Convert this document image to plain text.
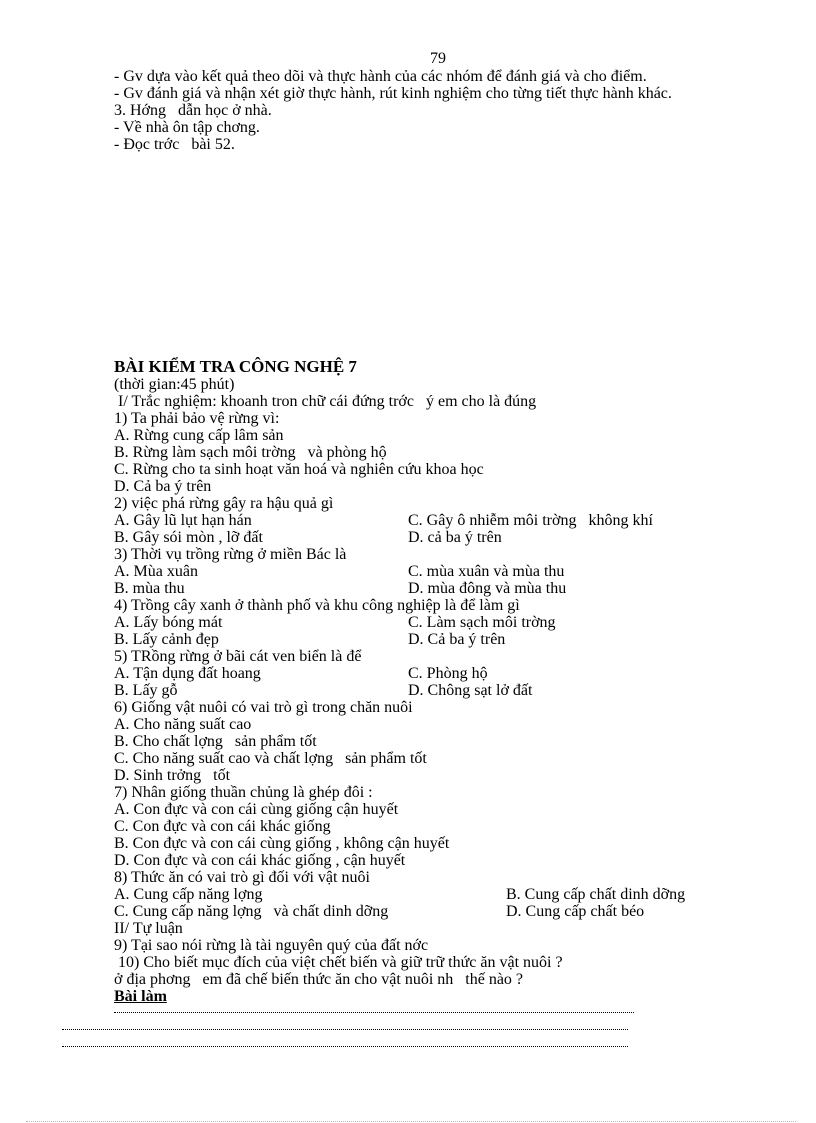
79
- Gv dựa vào kết quả theo dõi và thực hành của các nhóm để đánh giá và cho điểm.
- Gv đánh giá và nhận xét giờ thực hành, rút kinh nghiệm cho từng tiết thực hành khác.
3. Hớng   dẫn học ở nhà.
- Về nhà ôn tập chơng.
- Đọc trớc   bài 52.
BÀI KIỂM TRA CÔNG NGHỆ 7
(thời gian:45 phút)
I/ Trắc nghiệm: khoanh tron chữ cái đứng trớc   ý em cho là đúng
1) Ta phải bảo vệ rừng vì:
A. Rừng cung cấp lâm sản
B. Rừng làm sạch môi trờng   và phòng hộ
C. Rừng cho ta sinh hoạt văn hoá và nghiên cứu khoa học
D. Cả ba ý trên
2) việc phá rừng gây ra hậu quả gì
A. Gây lũ lụt hạn hán	C. Gây ô nhiễm môi trờng   không khí
B. Gây sói mòn , lỡ đất	D. cả ba ý trên
3) Thời vụ trồng rừng ở miền Bác là
A. Mùa xuân	C. mùa xuân và mùa thu
B. mùa thu	D. mùa đông và mùa thu
4) Trồng cây xanh ở thành phố và khu công nghiệp là để làm gì
A. Lấy bóng mát	C. Làm sạch môi trờng
B. Lấy cảnh đẹp	D. Cả ba ý trên
5) TRồng rừng ở bãi cát ven biển là để
A. Tận dụng đất hoang	C. Phòng hộ
B. Lấy gỗ	D. Chông sạt lở đất
6) Giống vật nuôi có vai trò gì trong chăn nuôi
A. Cho năng suất cao
B. Cho chất lợng   sản phẩm tốt
C. Cho năng suất cao và chất lợng   sản phẩm tốt
D. Sinh trởng   tốt
7) Nhân giống thuần chủng là ghép đôi :
A. Con đực và con cái cùng giống cận huyết
C. Con đực và con cái khác giống
B. Con đực và con cái cùng giống , không cận huyết
D. Con đực và con cái khác giống , cận huyết
8) Thức ăn có vai trò gì đối với vật nuôi
A. Cung cấp năng lợng	B. Cung cấp chất dinh dỡng
C. Cung cấp năng lợng   và chất dinh dỡng	D. Cung cấp chất béo
II/ Tự luận
9) Tại sao nói rừng là tài nguyên quý của đất nớc
10) Cho biết mục đích của việt chết biến và giữ trữ thức ăn vật nuôi ?
ở địa phơng   em đã chế biến thức ăn cho vật nuôi nh   thế nào ?
Bài làm
